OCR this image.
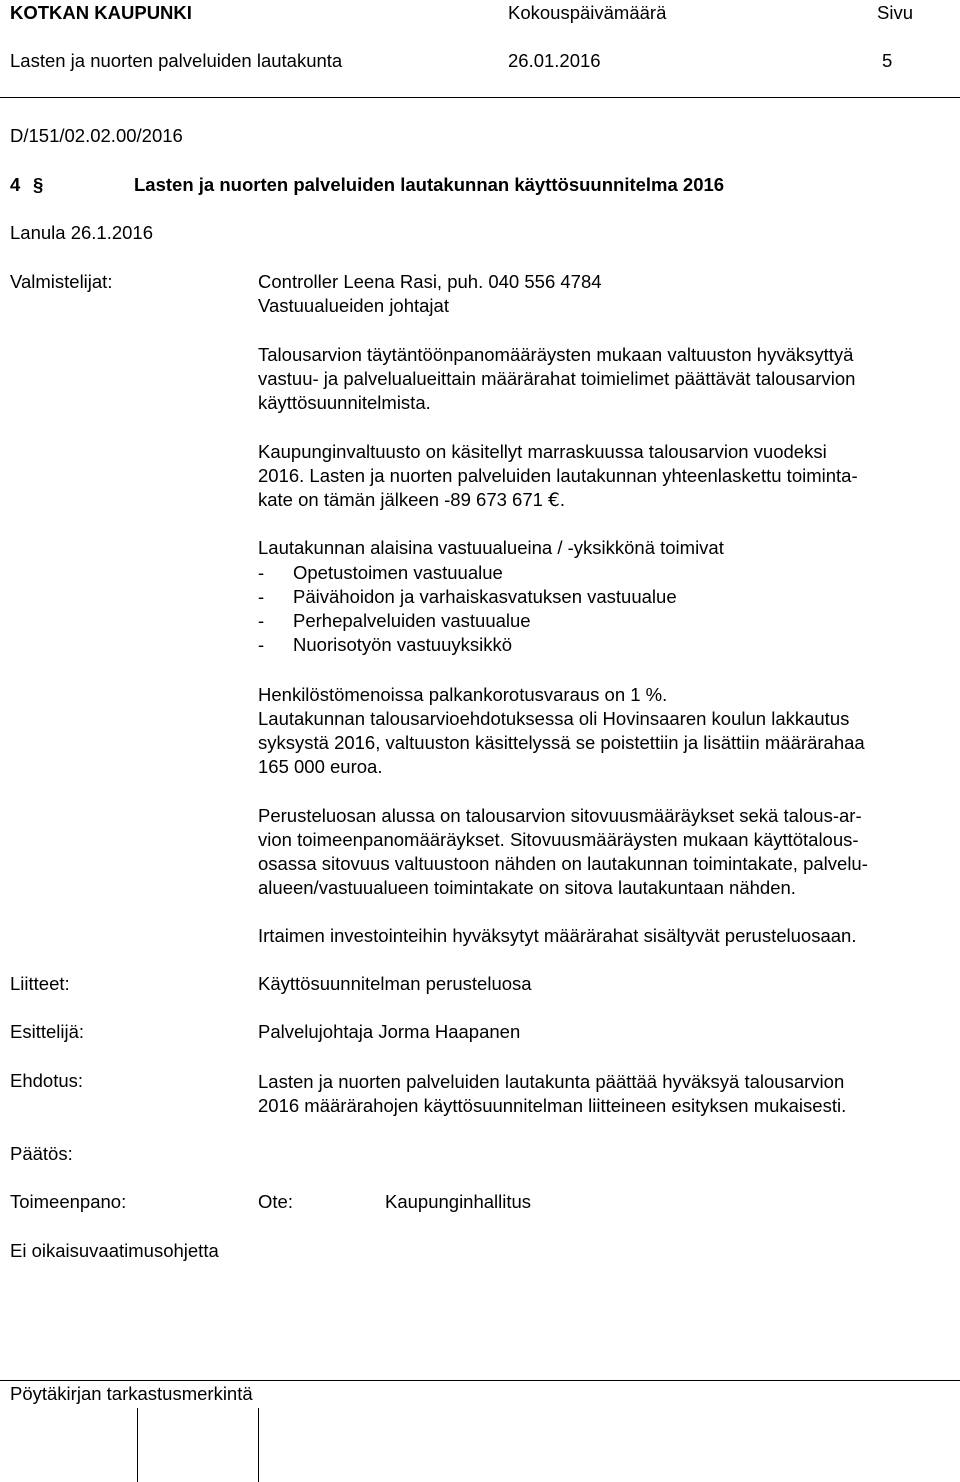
KOTKAN KAUPUNKI	Kokouspäivämäärä	Sivu
Lasten ja nuorten palveluiden lautakunta	26.01.2016	5
D/151/02.02.00/2016
4 §	Lasten ja nuorten palveluiden lautakunnan käyttösuunnitelma 2016
Lanula 26.1.2016
Valmistelijat:	Controller Leena Rasi, puh. 040 556 4784
Vastuualueiden johtajat

Talousarvion täytäntöönpanomääräysten mukaan valtuuston hyväksyttyä

vastuu- ja palvelualueittain määrärahat toimielimet päättävät talousarvion

käyttösuunnitelmista.

Kaupunginvaltuusto on käsitellyt marraskuussa talousarvion vuodeksi

2016. Lasten ja nuorten palveluiden lautakunnan yhteenlaskettu toiminta-

kate on tämän jälkeen -89 673 671 €.

Lautakunnan alaisina vastuualueina / -yksikkönä toimivat
- Opetustoimen vastuualue
- Päivähoidon ja varhaiskasvatuksen vastuualue
- Perhepalveluiden vastuualue
- Nuorisotyön vastuuyksikkö

Henkilöstömenoissa palkankorotusvaraus on 1 %.

Lautakunnan talousarvioehdotuksessa oli Hovinsaaren koulun lakkautus

syksystä 2016, valtuuston käsittelyssä se poistettiin ja lisättiin määrärahaa

165 000 euroa.

Perusteluosan alussa on talousarvion sitovuusmääräykset sekä talous-ar-

vion toimeenpanomääräykset. Sitovuusmääräysten mukaan käyttötalous-

osassa sitovuus valtuustoon nähden on lautakunnan toimintakate, palvelu-

alueen/vastuualueen toimintakate on sitova lautakuntaan nähden.

Irtaimen investointeihin hyväksytyt määrärahat sisältyvät perusteluosaan.
Liitteet:	Käyttösuunnitelman perusteluosa
Esittelijä:	Palvelujohtaja Jorma Haapanen
Ehdotus:	Lasten ja nuorten palveluiden lautakunta päättää hyväksyä talousarvion

2016 määrärahojen käyttösuunnitelman liitteineen esityksen mukaisesti.

Päätös:
Toimeenpano:	Ote:	Kaupunginhallitus
Ei oikaisuvaatimusohjetta
Pöytäkirjan tarkastusmerkintä
